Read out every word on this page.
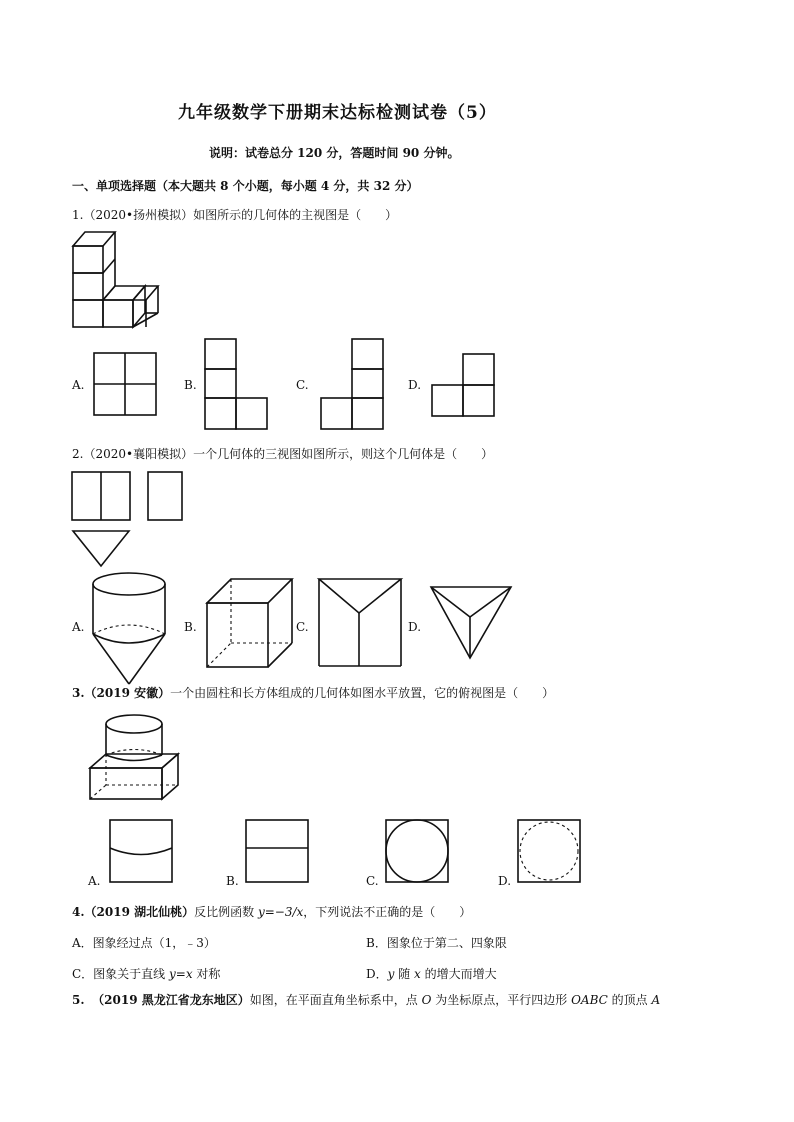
九年级数学下册期末达标检测试卷（5）
说明：试卷总分 120 分，答题时间 90 分钟。
一、单项选择题（本大题共 8 个小题，每小题 4 分，共 32 分）
1.（2020•扬州模拟）如图所示的几何体的主视图是（　　）
A.	B.	C.	D.
2.（2020•襄阳模拟）一个几何体的三视图如图所示，则这个几何体是（　　）
A.	B.	C.	D.
3.（2019 安徽）一个由圆柱和长方体组成的几何体如图水平放置，它的俯视图是（　　）
A.	B.	C.	D.
4.（2019 湖北仙桃）反比例函数 y=−3/x，下列说法不正确的是（　　）
A．图象经过点（1，﹣3）	B．图象位于第二、四象限
C．图象关于直线 y=x 对称	D．y 随 x 的增大而增大
5. （2019 黑龙江省龙东地区）如图，在平面直角坐标系中，点 O 为坐标原点，平行四边形 OABC 的顶点 A
